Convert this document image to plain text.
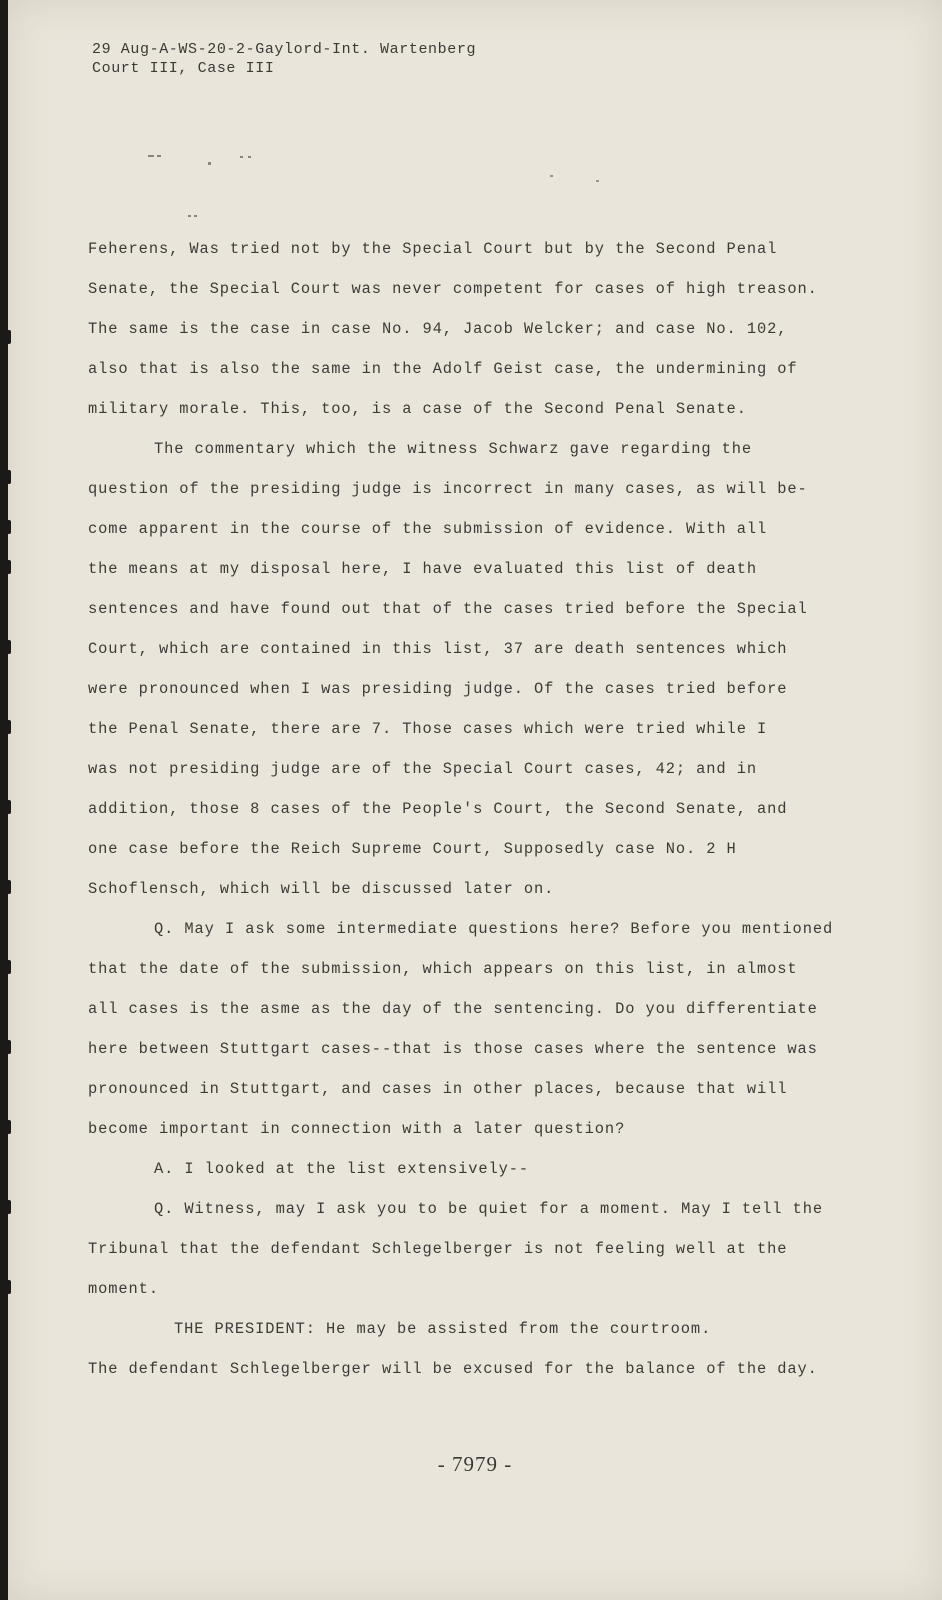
29 Aug-A-WS-20-2-Gaylord-Int. Wartenberg
Court III, Case III
Feherens, Was tried not by the Special Court but by the Second Penal
Senate, the Special Court was never competent for cases of high treason.
The same is the case in case No. 94, Jacob Welcker; and case No. 102,
also that is also the same in the Adolf Geist case, the undermining of
military morale. This, too, is a case of the Second Penal Senate.
The commentary which the witness Schwarz gave regarding the
question of the presiding judge is incorrect in many cases, as will be-
come apparent in the course of the submission of evidence. With all
the means at my disposal here, I have evaluated this list of death
sentences and have found out that of the cases tried before the Special
Court, which are contained in this list, 37 are death sentences which
were pronounced when I was presiding judge. Of the cases tried before
the Penal Senate, there are 7. Those cases which were tried while I
was not presiding judge are of the Special Court cases, 42; and in
addition, those 8 cases of the People's Court, the Second Senate, and
one case before the Reich Supreme Court, Supposedly case No. 2 H
Schoflensch, which will be discussed later on.
Q. May I ask some intermediate questions here? Before you mentioned
that the date of the submission, which appears on this list, in almost
all cases is the asme as the day of the sentencing. Do you differentiate
here between Stuttgart cases--that is those cases where the sentence was
pronounced in Stuttgart, and cases in other places, because that will
become important in connection with a later question?
A. I looked at the list extensively--
Q. Witness, may I ask you to be quiet for a moment. May I tell the
Tribunal that the defendant Schlegelberger is not feeling well at the
moment.
THE PRESIDENT: He may be assisted from the courtroom.
The defendant Schlegelberger will be excused for the balance of the day.
- 7979 -
